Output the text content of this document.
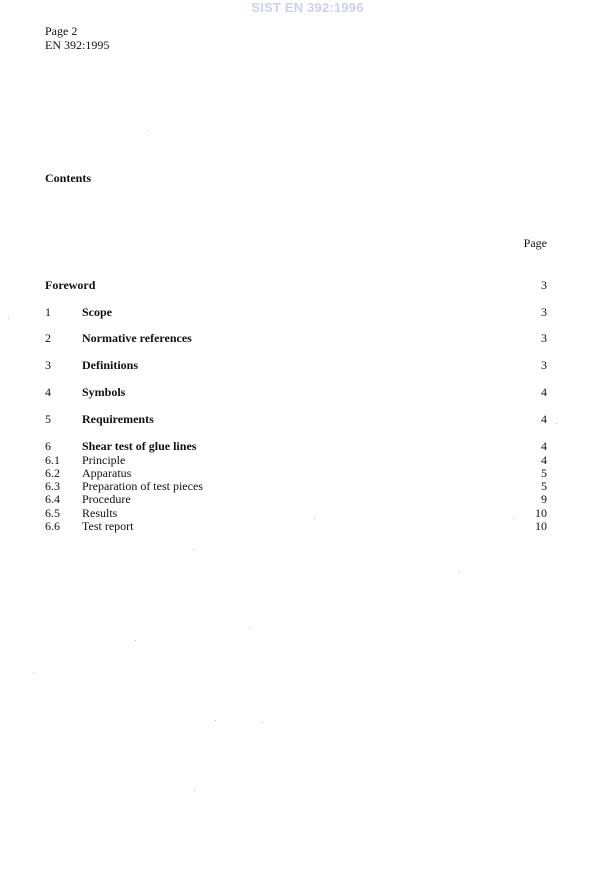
SIST EN 392:1996
Page 2
EN 392:1995
Contents
Page
Foreword	3
1	Scope	3
2	Normative references	3
3	Definitions	3
4	Symbols	4
5	Requirements	4
6	Shear test of glue lines	4
6.1 Principle	4
6.2 Apparatus	5
6.3 Preparation of test pieces	5
6.4 Procedure	9
6.5 Results	10
6.6 Test report	10
